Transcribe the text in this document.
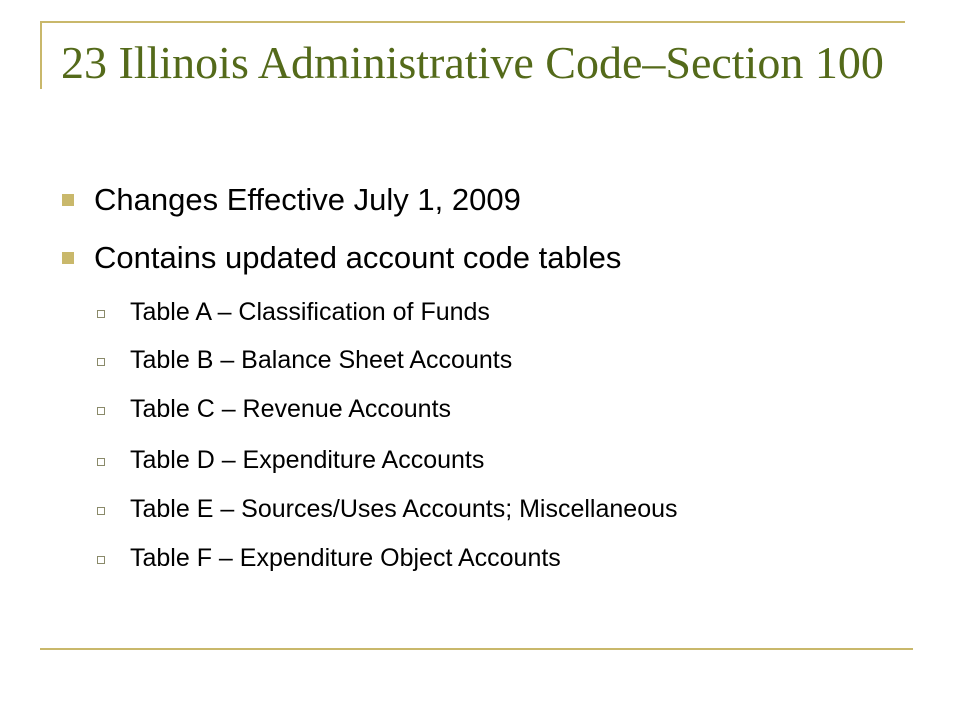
23 Illinois Administrative Code–Section 100
Changes Effective July 1, 2009
Contains updated account code tables
Table A – Classification of Funds
Table B – Balance Sheet Accounts
Table C – Revenue Accounts
Table D – Expenditure Accounts
Table E – Sources/Uses Accounts; Miscellaneous
Table F – Expenditure Object Accounts
